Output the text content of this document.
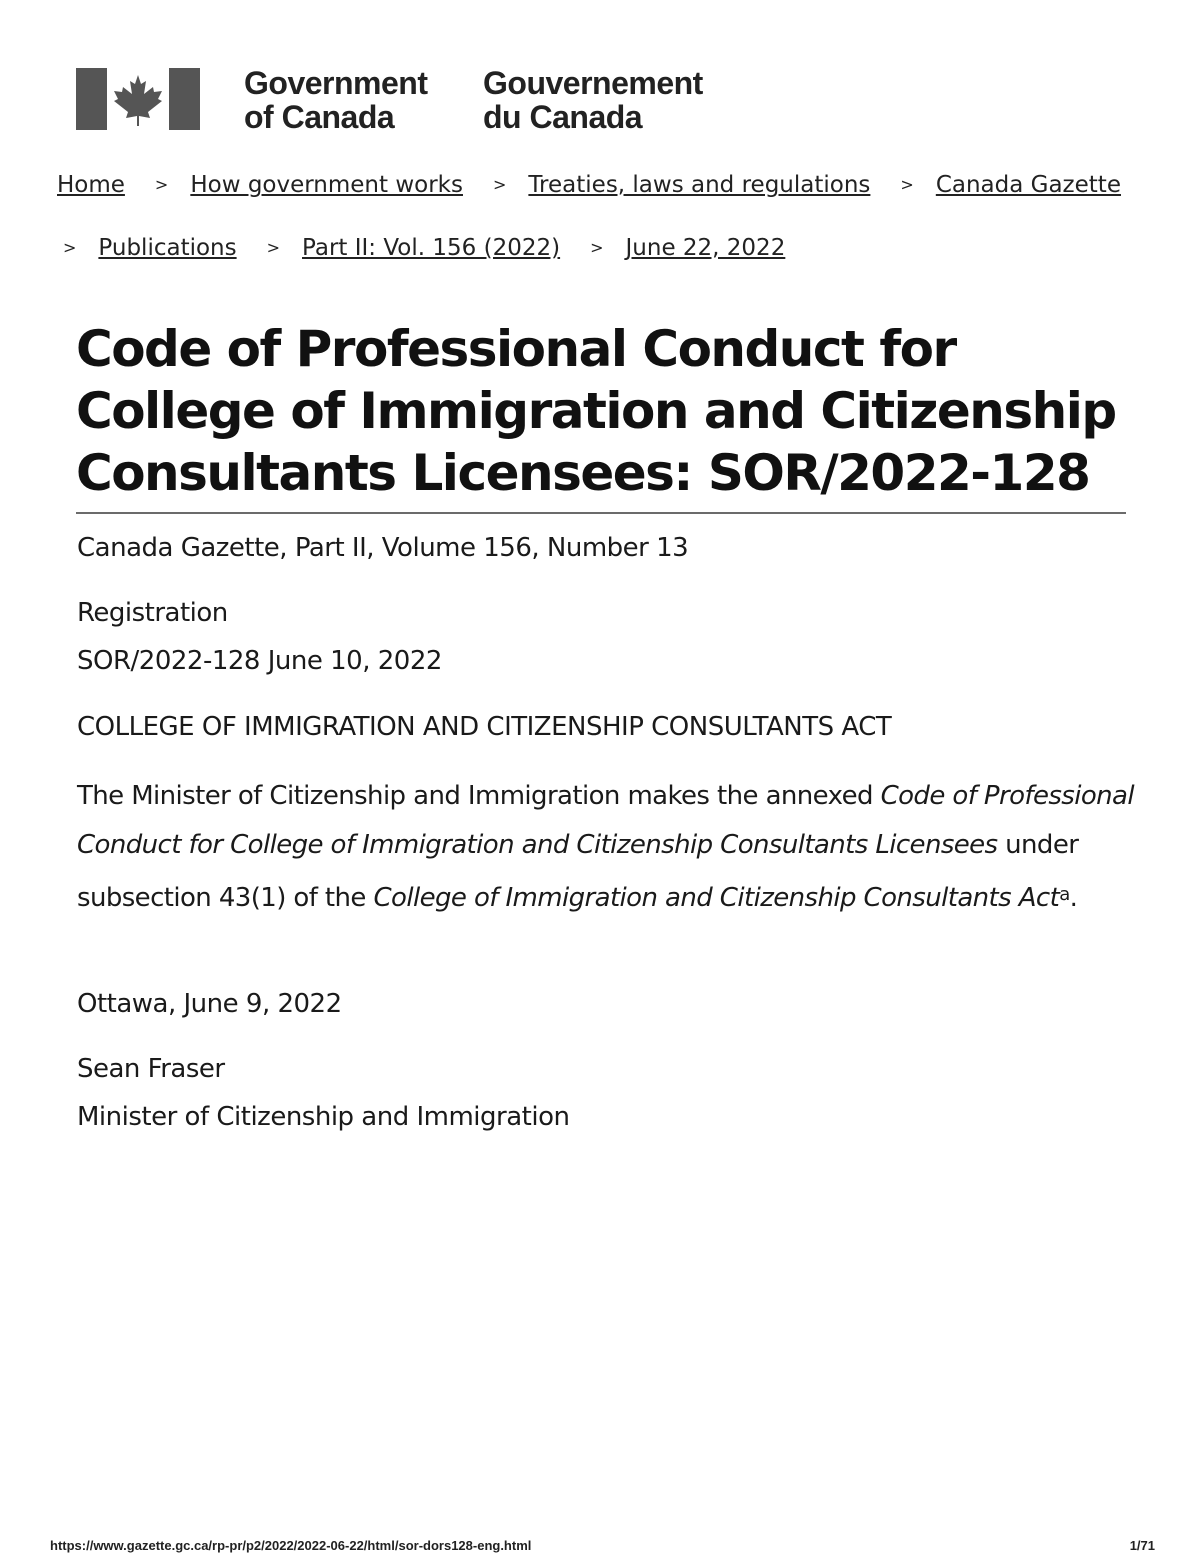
Government
of Canada
Gouvernement
du Canada
Home > How government works > Treaties, laws and regulations > Canada Gazette
> Publications > Part II: Vol. 156 (2022) > June 22, 2022
Code of Professional Conduct for College of Immigration and Citizenship Consultants Licensees: SOR/2022-128
Canada Gazette, Part II, Volume 156, Number 13
Registration
SOR/2022-128 June 10, 2022
COLLEGE OF IMMIGRATION AND CITIZENSHIP CONSULTANTS ACT
Ottawa, June 9, 2022
Sean Fraser
Minister of Citizenship and Immigration

The Minister of Citizenship and Immigration makes the annexed Code of Professional Conduct for College of Immigration and Citizenship Consultants Licensees under subsection 43(1) of the College of Immigration and Citizenship Consultants Act$^a$.

https://www.gazette.gc.ca/rp-pr/p2/2022/2022-06-22/html/sor-dors128-eng.html	1/71
